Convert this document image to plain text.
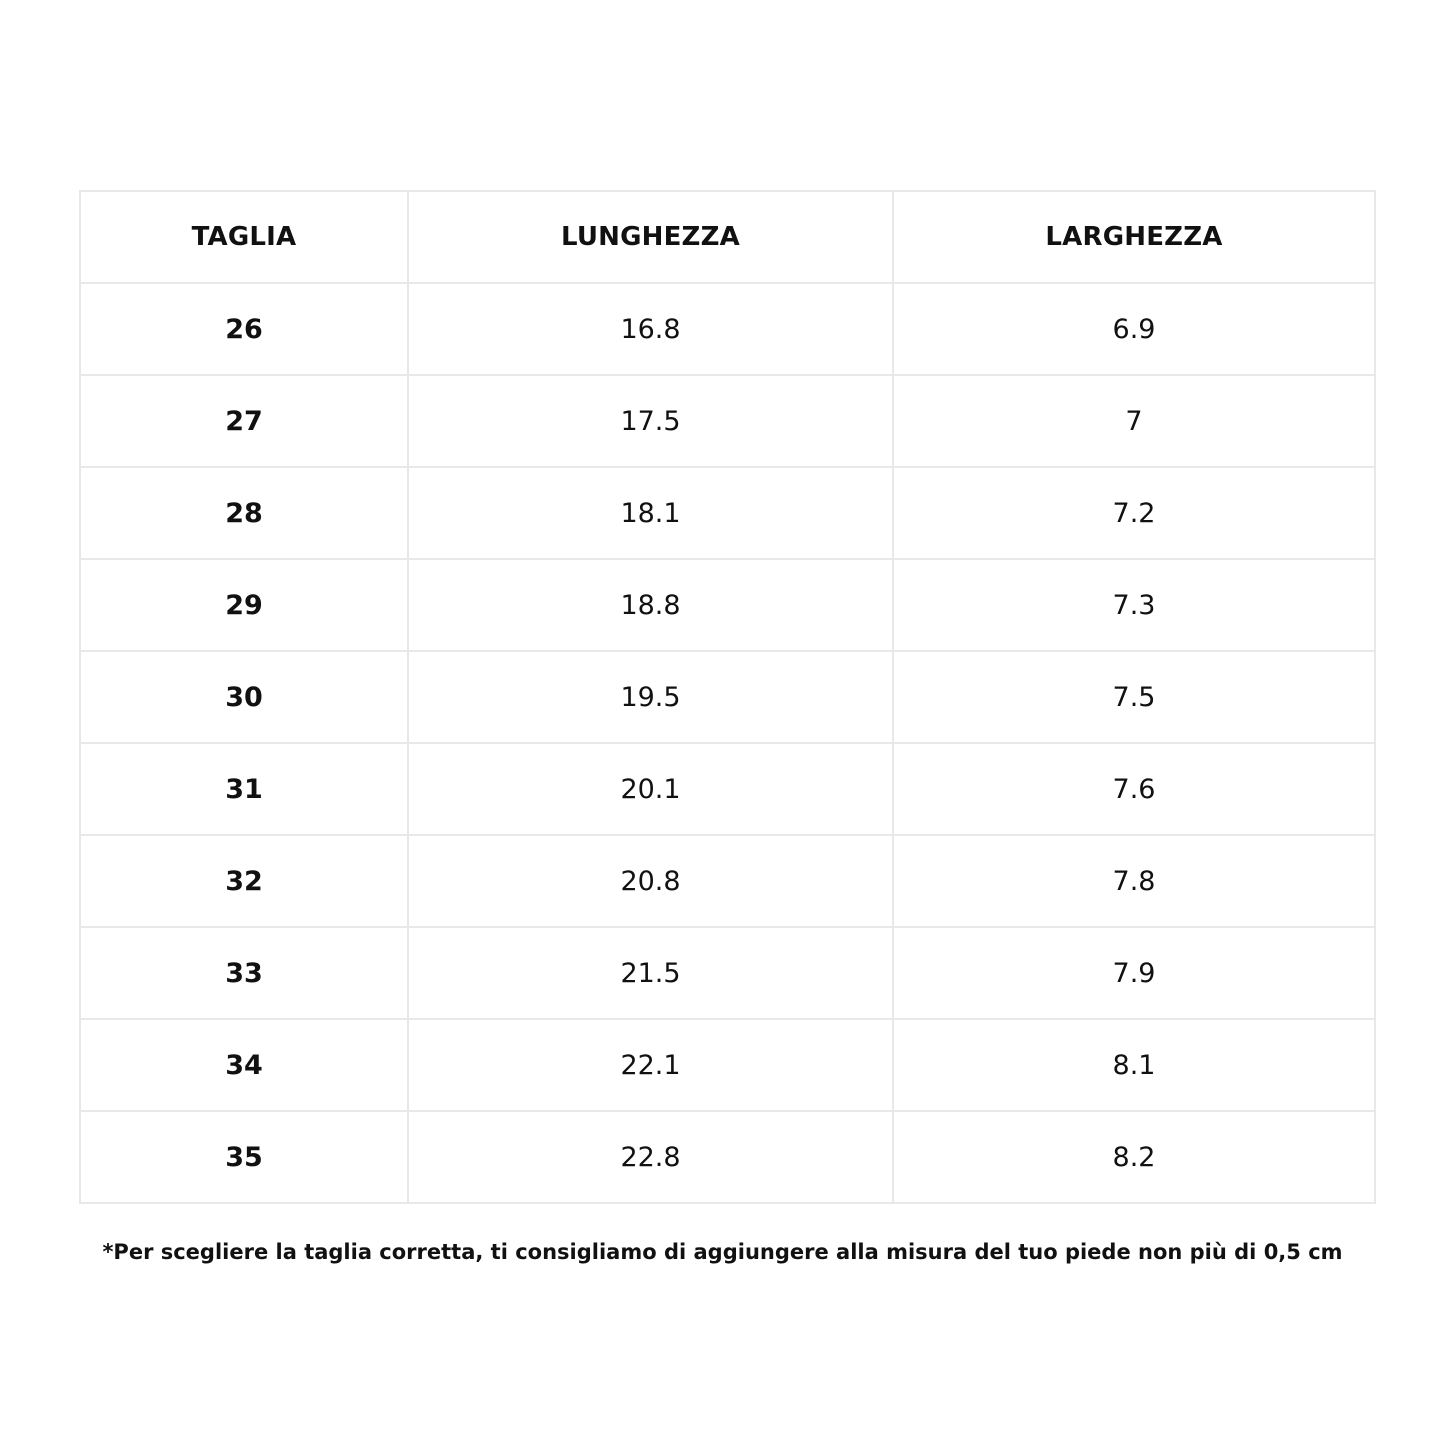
TAGLIA	LUNGHEZZA	LARGHEZZA
26	16.8	6.9
27	17.5	7
28	18.1	7.2
29	18.8	7.3
30	19.5	7.5
31	20.1	7.6
32	20.8	7.8
33	21.5	7.9
34	22.1	8.1
35	22.8	8.2
*Per scegliere la taglia corretta, ti consigliamo di aggiungere alla misura del tuo piede non più di 0,5 cm
